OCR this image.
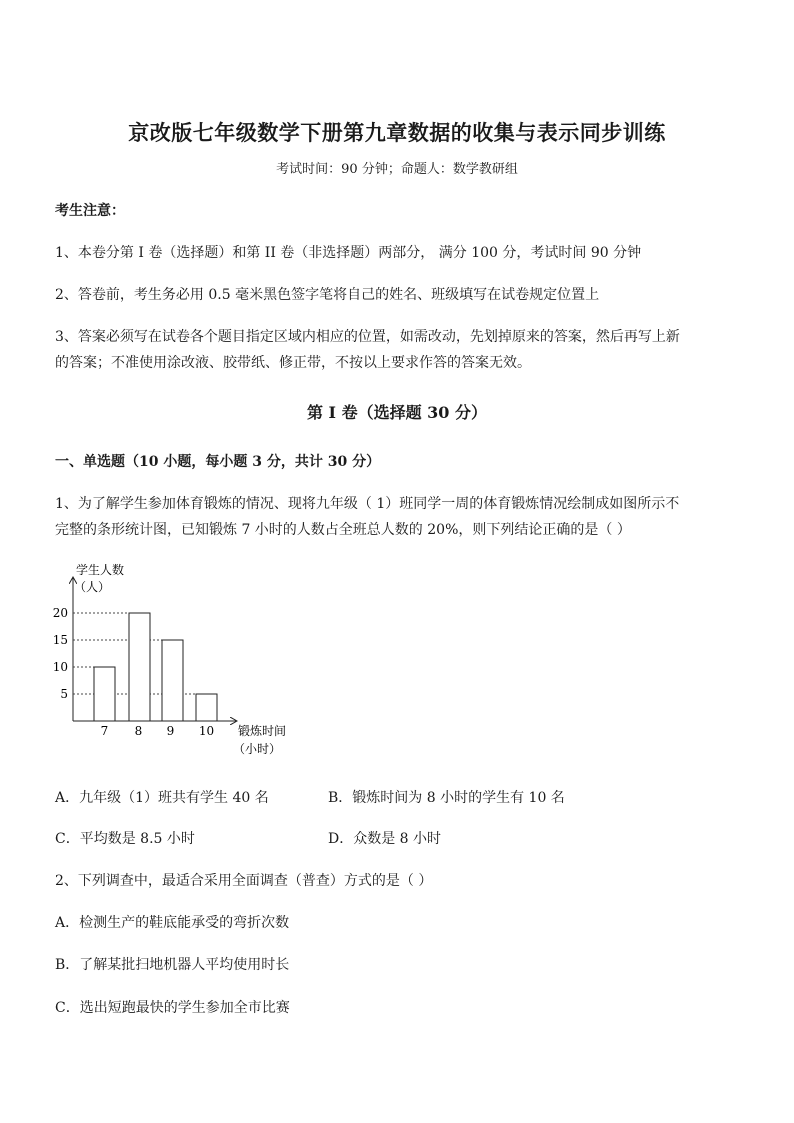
京改版七年级数学下册第九章数据的收集与表示同步训练
考试时间：90 分钟；命题人：数学教研组
考生注意：
1、本卷分第 I 卷（选择题）和第 II 卷（非选择题）两部分， 满分 100 分，考试时间 90 分钟
2、答卷前，考生务必用 0.5 毫米黑色签字笔将自己的姓名、班级填写在试卷规定位置上
3、答案必须写在试卷各个题目指定区域内相应的位置，如需改动，先划掉原来的答案，然后再写上新
的答案；不准使用涂改液、胶带纸、修正带，不按以上要求作答的答案无效。
第 I 卷（选择题 30 分）
一、单选题（10 小题，每小题 3 分，共计 30 分）
1、为了解学生参加体育锻炼的情况、现将九年级（ 1）班同学一周的体育锻炼情况绘制成如图所示不
完整的条形统计图，已知锻炼 7 小时的人数占全班总人数的 20%，则下列结论正确的是（ ）
学生人数
（人）
5
10
15
20
7 8 9 10 锻炼时间
（小时）
A．九年级（1）班共有学生 40 名	B．锻炼时间为 8 小时的学生有 10 名
C．平均数是 8.5 小时	D．众数是 8 小时
2、下列调查中，最适合采用全面调查（普查）方式的是（ ）
A．检测生产的鞋底能承受的弯折次数
B．了解某批扫地机器人平均使用时长
C．选出短跑最快的学生参加全市比赛
